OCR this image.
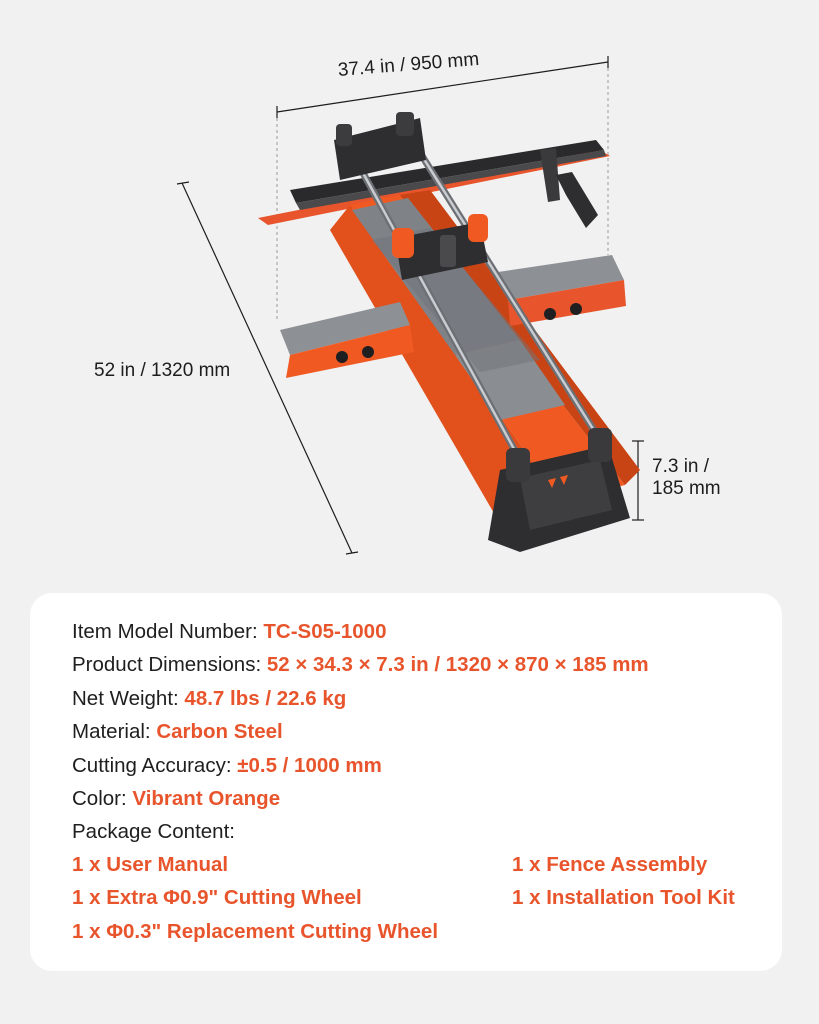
37.4 in / 950 mm
52 in / 1320 mm
7.3 in /
185 mm
Item Model Number: TC-S05-1000
Product Dimensions: 52 × 34.3 × 7.3 in / 1320 × 870 × 185 mm
Net Weight: 48.7 lbs / 22.6 kg
Material: Carbon Steel
Cutting Accuracy: ±0.5 / 1000 mm
Color: Vibrant Orange
Package Content:
1 x User Manual	1 x Fence Assembly
1 x Extra Φ0.9" Cutting Wheel	1 x Installation Tool Kit
1 x Φ0.3" Replacement Cutting Wheel
